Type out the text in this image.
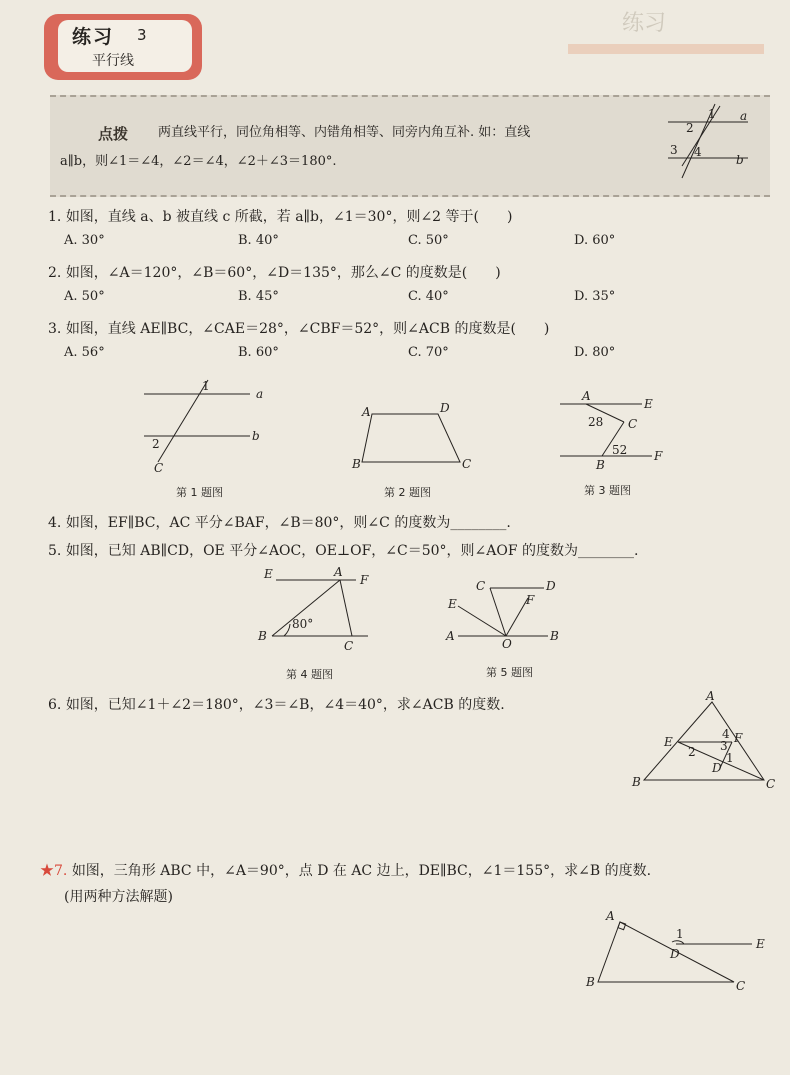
练习
练习 3
平行线
点拨 两直线平行，同位角相等、内错角相等、同旁内角互补. 如：直线
a∥b，则∠1＝∠4，∠2＝∠4，∠2＋∠3＝180°.
1
2
3 4
a
b
1. 如图，直线 a、b 被直线 c 所截，若 a∥b，∠1＝30°，则∠2 等于(　　)
A. 30°	B. 40°	C. 50°	D. 60°
2. 如图，∠A＝120°，∠B＝60°，∠D＝135°，那么∠C 的度数是(　　)
A. 50°	B. 45°	C. 40°	D. 35°
3. 如图，直线 AE∥BC，∠CAE＝28°，∠CBF＝52°，则∠ACB 的度数是(　　)
A. 56°	B. 60°	C. 70°	D. 80°
1
2
a
b
C
第 1 题图
A	D
B	C
第 2 题图
A
E
28 C
52
B
F
第 3 题图
4. 如图，EF∥BC，AC 平分∠BAF，∠B＝80°，则∠C 的度数为________.
5. 如图，已知 AB∥CD，OE 平分∠AOC，OE⊥OF，∠C＝50°，则∠AOF 的度数为________.
E	A
F
B
80°
C
第 4 题图
C	D
E	F
A
O
B
第 5 题图
6. 如图，已知∠1＋∠2＝180°，∠3＝∠B，∠4＝40°，求∠ACB 的度数.
A
E
4 F
2 3
1
D
B	C
★7. 如图，三角形 ABC 中，∠A＝90°，点 D 在 AC 边上，DE∥BC，∠1＝155°，求∠B 的度数.
(用两种方法解题)
A
1
E
D
B	C
